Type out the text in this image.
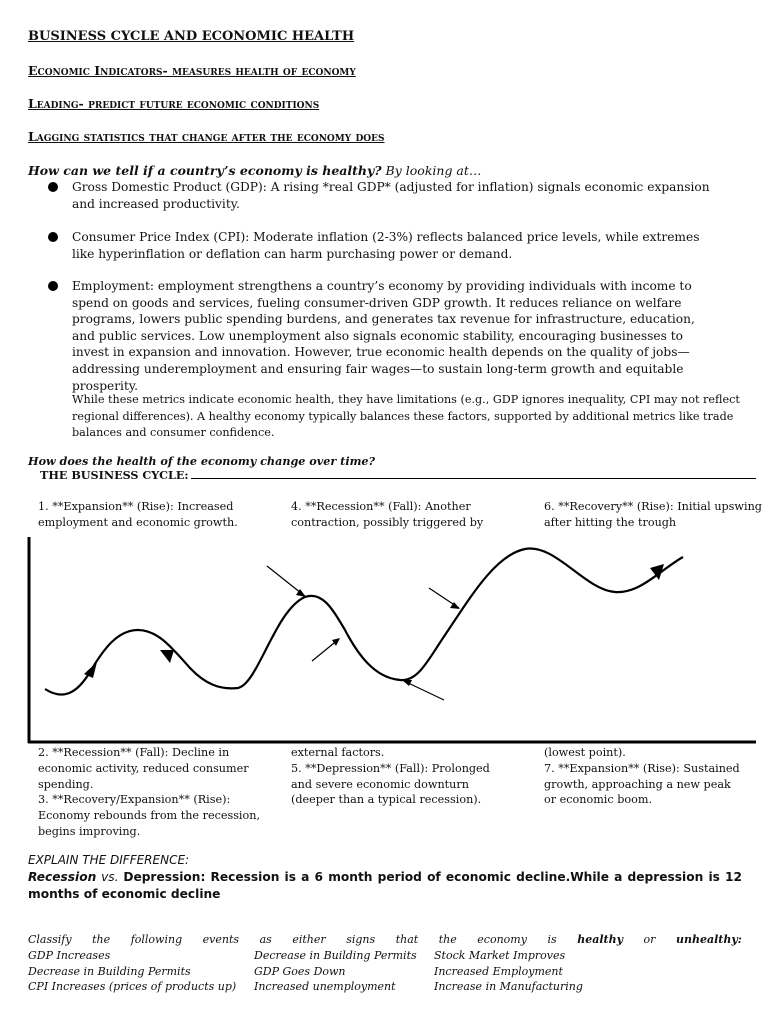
BUSINESS CYCLE AND ECONOMIC HEALTH
Economic Indicators- measures health of economy
Leading- predict future economic conditions
Lagging statistics that change after the economy does
How can we tell if a country’s economy is healthy? By looking at…
Gross Domestic Product (GDP): A rising *real GDP* (adjusted for inflation) signals economic expansion and increased productivity.
Consumer Price Index (CPI): Moderate inflation (2-3%) reflects balanced price levels, while extremes like hyperinflation or deflation can harm purchasing power or demand.
Employment: employment strengthens a country’s economy by providing individuals with income to spend on goods and services, fueling consumer-driven GDP growth. It reduces reliance on welfare programs, lowers public spending burdens, and generates tax revenue for infrastructure, education, and public services. Low unemployment also signals economic stability, encouraging businesses to invest in expansion and innovation. However, true economic health depends on the quality of jobs—addressing underemployment and ensuring fair wages—to sustain long-term growth and equitable prosperity.
While these metrics indicate economic health, they have limitations (e.g., GDP ignores inequality, CPI may not reflect regional differences). A healthy economy typically balances these factors, supported by additional metrics like trade balances and consumer confidence.
How does the health of the economy change over time?
THE BUSINESS CYCLE:
1. **Expansion** (Rise): Increased employment and economic growth.
4. **Recession** (Fall): Another contraction, possibly triggered by
6. **Recovery** (Rise): Initial upswing after hitting the trough
2. **Recession** (Fall): Decline in economic activity, reduced consumer spending.
3. **Recovery/Expansion** (Rise): Economy rebounds from the recession, begins improving.
external factors.
5. **Depression** (Fall): Prolonged and severe economic downturn (deeper than a typical recession).
(lowest point).
7. **Expansion** (Rise): Sustained growth, approaching a new peak or economic boom.
EXPLAIN THE DIFFERENCE:
Recession vs. Depression: Recession is a 6 month period of economic decline.While a depression is 12 months of economic decline
Classify the following events as either signs that the economy is healthy or unhealthy:
GDP Increases
Decrease in Building Permits
CPI Increases (prices of products up)
Decrease in Building Permits
GDP Goes Down
Increased unemployment
Stock Market Improves
Increased Employment
Increase in Manufacturing
